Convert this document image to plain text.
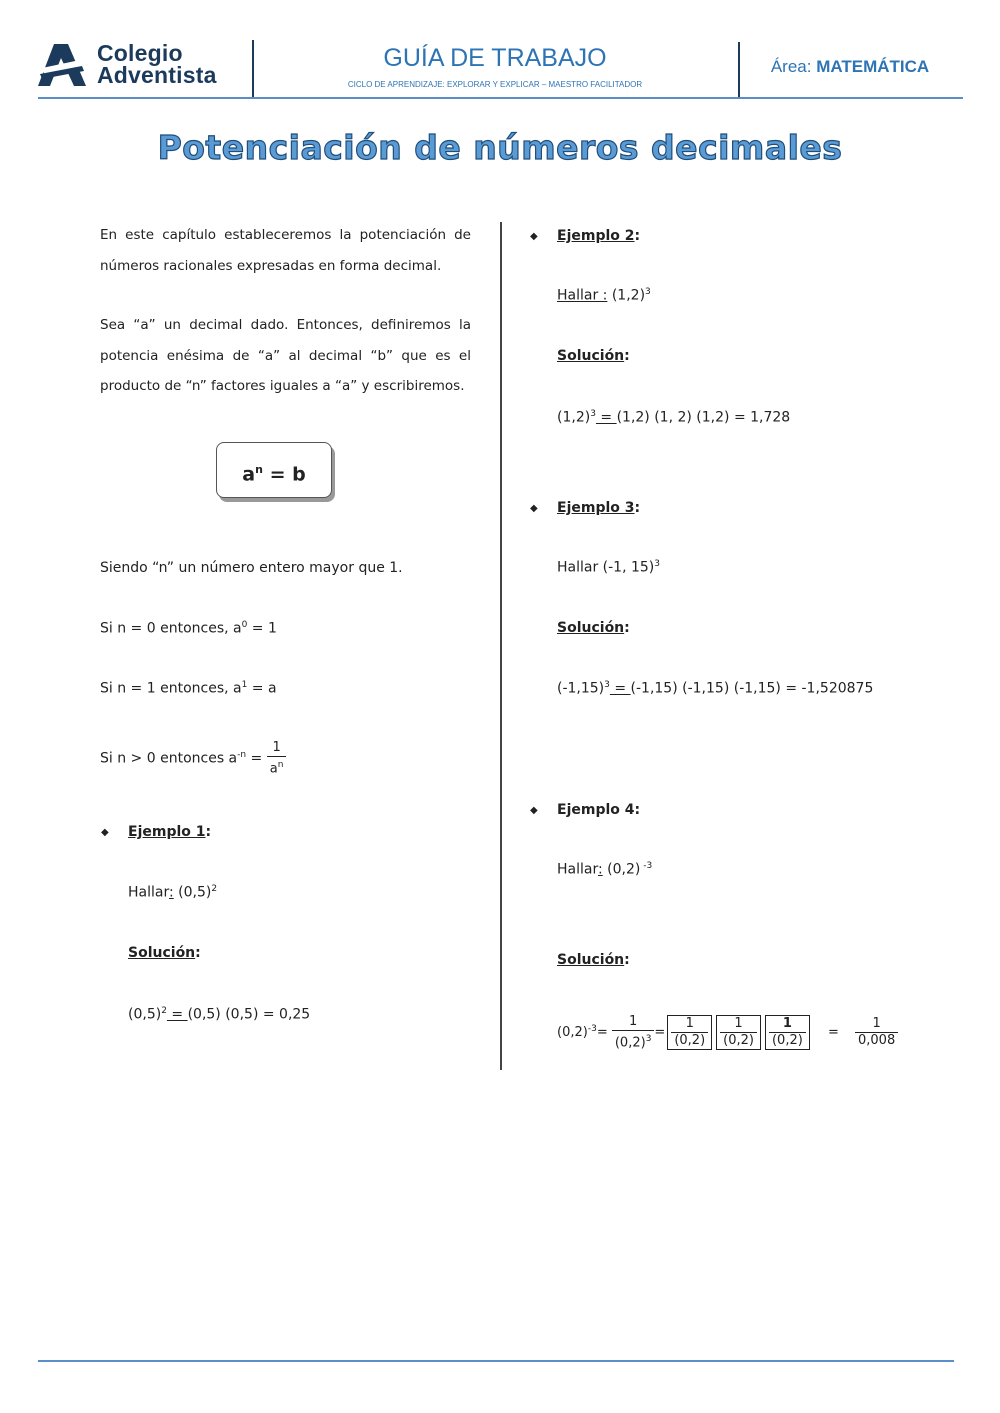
Colegio
Adventista
GUÍA DE TRABAJO
CICLO DE APRENDIZAJE: EXPLORAR Y EXPLICAR – MAESTRO FACILITADOR
Área: MATEMÁTICA
Potenciación de números decimales
En este capítulo estableceremos la potenciación de números racionales expresadas en forma decimal.
Sea “a” un decimal dado. Entonces, definiremos la potencia enésima de “a” al decimal “b” que es el producto de “n” factores iguales a “a” y escribiremos.
$a^n = b$
Siendo “n” un número entero mayor que 1.
Si n = 0 entonces, $a^0 = 1$
Si n = 1 entonces, $a^1 = a$
Si n > 0 entonces $a^{-n} = \frac{1}{a^n}$
◆ Ejemplo 1:
Hallar: $(0,5)^2$
Solución:
$(0,5)^2 = (0,5) (0,5) = 0,25$
◆ Ejemplo 2:
Hallar : $(1,2)^3$
Solución:
$(1,2)^3 = (1,2)$ (1, 2) (1,2) = 1,728
◆ Ejemplo 3:
Hallar (-1, 15)$^3$
Solución:
$(-1,15)^3 = (-1,15)$ (-1,15) (-1,15) = -1,520875
◆ Ejemplo 4:
Hallar: (0,2) $^{-3}$
Solución:
$(0,2)^{-3}= \frac{1}{(0,2)^3} = \frac{1}{(0,2)} \frac{1}{(0,2)} \frac{1}{(0,2)} = \frac{1}{0,008}$
